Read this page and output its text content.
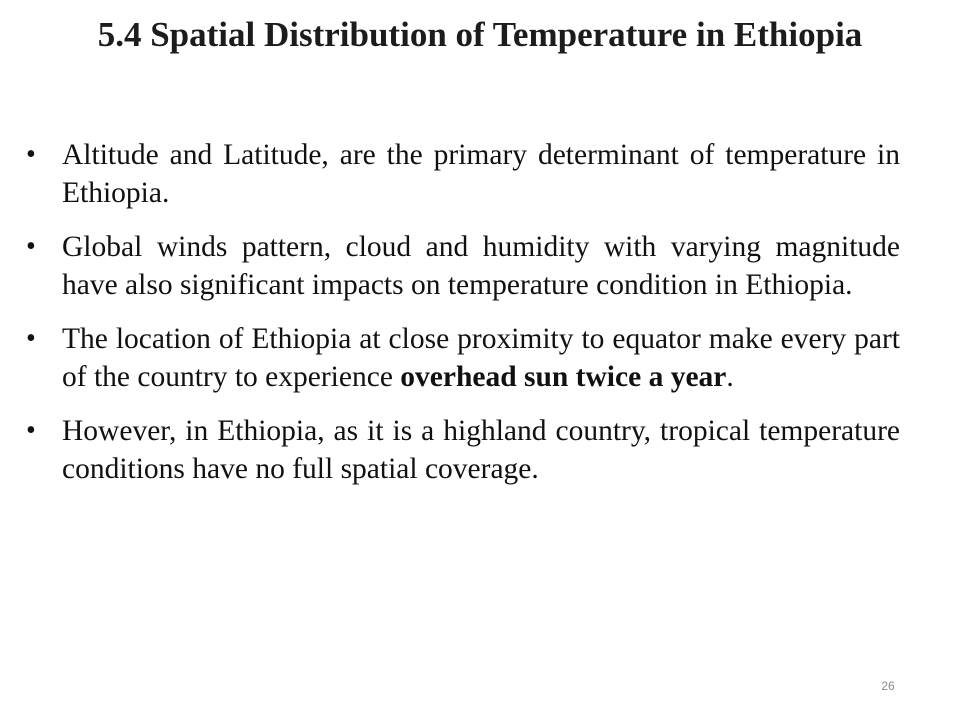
5.4 Spatial Distribution of Temperature in Ethiopia
• Altitude and Latitude, are the primary determinant of temperature in Ethiopia.
• Global winds pattern, cloud and humidity with varying magnitude have also significant impacts on temperature condition in Ethiopia.
• The location of Ethiopia at close proximity to equator make every part of the country to experience overhead sun twice a year.
• However, in Ethiopia, as it is a highland country, tropical temperature conditions have no full spatial coverage.
26
